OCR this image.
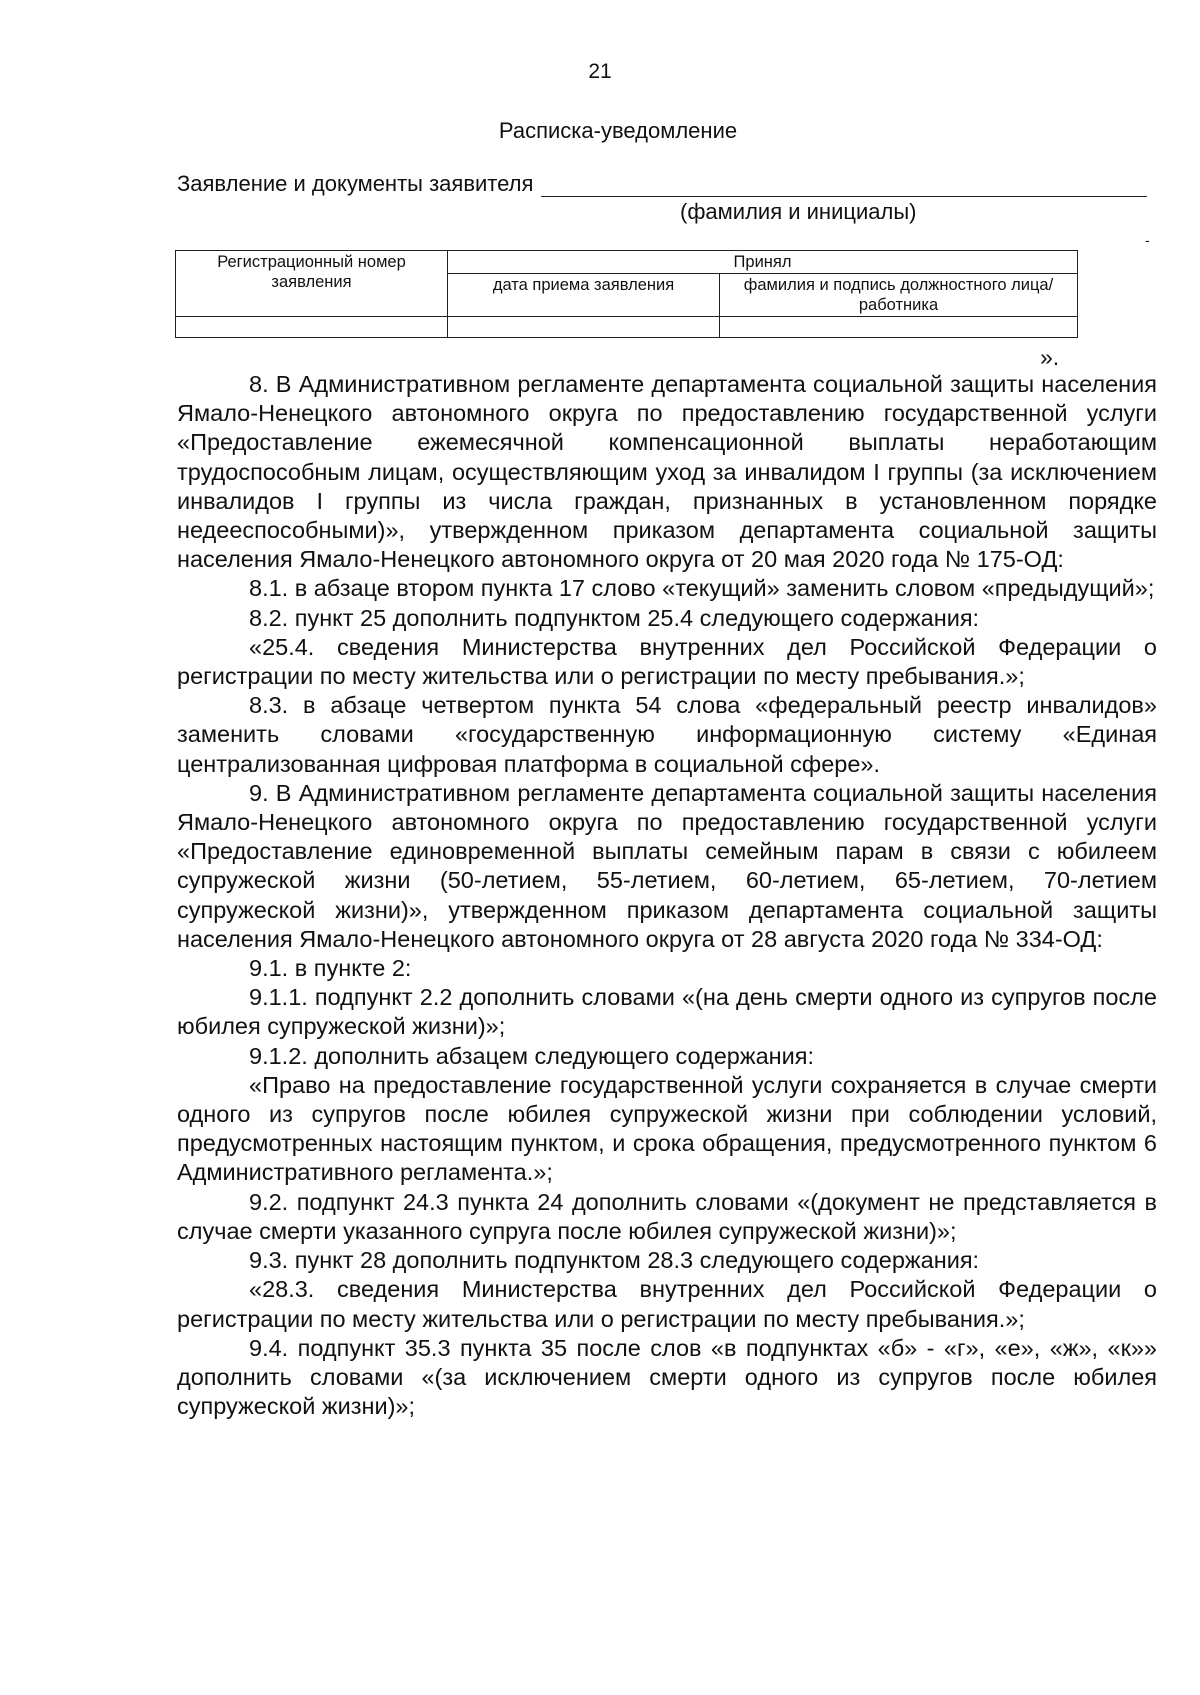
21
Расписка-уведомление
Заявление и документы заявителя
(фамилия и инициалы)
-
Регистрационный номер заявления	Принял	
	дата приема заявления	фамилия и подпись должностного лица/работника

».

8. В Административном регламенте департамента социальной защиты населения Ямало-Ненецкого автономного округа по предоставлению государственной услуги «Предоставление ежемесячной компенсационной выплаты неработающим трудоспособным лицам, осуществляющим уход за инвалидом I группы (за исключением инвалидов I группы из числа граждан, признанных в установленном порядке недееспособными)», утвержденном приказом департамента социальной защиты населения Ямало-Ненецкого автономного округа от 20 мая 2020 года № 175-ОД:

8.1. в абзаце втором пункта 17 слово «текущий» заменить словом «предыдущий»;

8.2. пункт 25 дополнить подпунктом 25.4 следующего содержания:

«25.4. сведения Министерства внутренних дел Российской Федерации о регистрации по месту жительства или о регистрации по месту пребывания.»;

8.3. в абзаце четвертом пункта 54 слова «федеральный реестр инвалидов» заменить словами «государственную информационную систему «Единая централизованная цифровая платформа в социальной сфере».

9. В Административном регламенте департамента социальной защиты населения Ямало-Ненецкого автономного округа по предоставлению государственной услуги «Предоставление единовременной выплаты семейным парам в связи с юбилеем супружеской жизни (50-летием, 55-летием, 60-летием, 65-летием, 70-летием супружеской жизни)», утвержденном приказом департамента социальной защиты населения Ямало-Ненецкого автономного округа от 28 августа 2020 года № 334-ОД:

9.1. в пункте 2:

9.1.1. подпункт 2.2 дополнить словами «(на день смерти одного из супругов после юбилея супружеской жизни)»;

9.1.2. дополнить абзацем следующего содержания:

«Право на предоставление государственной услуги сохраняется в случае смерти одного из супругов после юбилея супружеской жизни при соблюдении условий, предусмотренных настоящим пунктом, и срока обращения, предусмотренного пунктом 6 Административного регламента.»;

9.2. подпункт 24.3 пункта 24 дополнить словами «(документ не представляется в случае смерти указанного супруга после юбилея супружеской жизни)»;

9.3. пункт 28 дополнить подпунктом 28.3 следующего содержания:

«28.3. сведения Министерства внутренних дел Российской Федерации о регистрации по месту жительства или о регистрации по месту пребывания.»;

9.4. подпункт 35.3 пункта 35 после слов «в подпунктах «б» - «г», «е», «ж», «к»» дополнить словами «(за исключением смерти одного из супругов после юбилея супружеской жизни)»;
